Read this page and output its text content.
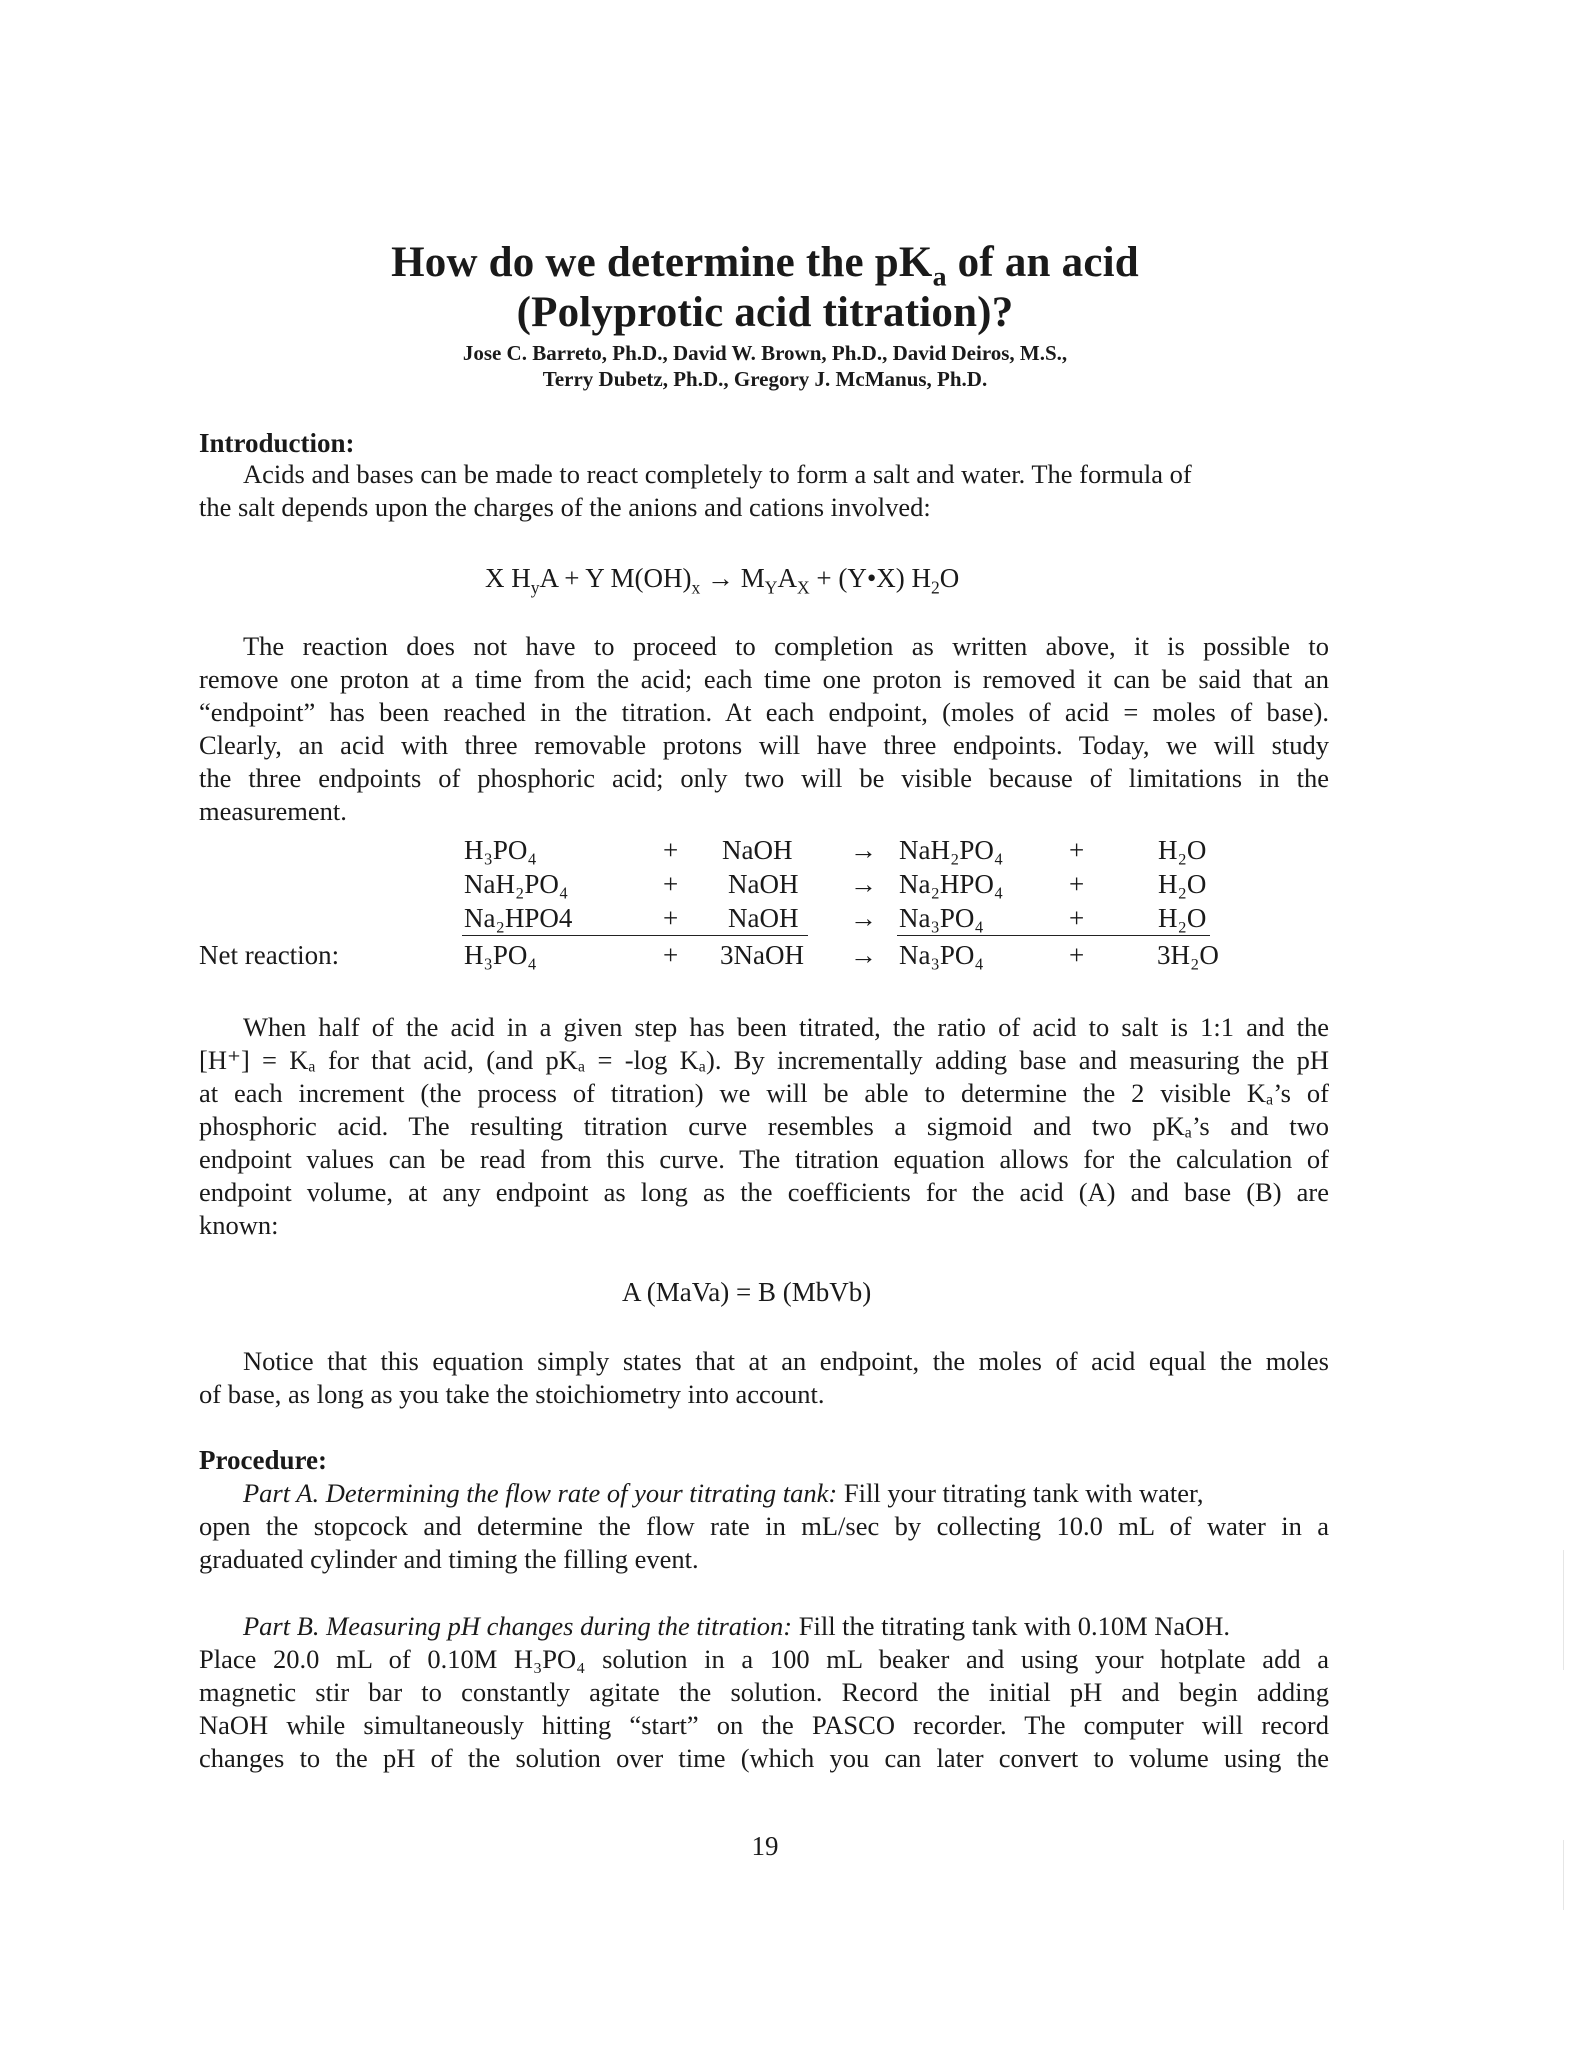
How do we determine the $pK_a$ of an acid
(Polyprotic acid titration)?
Jose C. Barreto, Ph.D., David W. Brown, Ph.D., David Deiros, M.S.,
Terry Dubetz, Ph.D., Gregory J. McManus, Ph.D.
Introduction:
Acids and bases can be made to react completely to form a salt and water. The formula of
the salt depends upon the charges of the anions and cations involved:
X $H_yA + Y$ $M(OH)_x \to M_YA_X$ + (Y•X) $H_2O$
The reaction does not have to proceed to completion as written above, it is possible to
remove one proton at a time from the acid; each time one proton is removed it can be said that an
“endpoint” has been reached in the titration. At each endpoint, (moles of acid = moles of base).
Clearly, an acid with three removable protons will have three endpoints. Today, we will study
the three endpoints of phosphoric acid; only two will be visible because of limitations in the
measurement.
H₃PO₄	+ NaOH → NaH₂PO₄ +	H₂O
NaH₂PO₄	+ NaOH → Na₂HPO₄ +	H₂O
Na₂HPO4	+ NaOH → Na₃PO₄	+	H₂O
Net reaction:	H₃PO₄	+ 3NaOH → Na₃PO₄	+	3H₂O
When half of the acid in a given step has been titrated, the ratio of acid to salt is 1:1 and the
[H⁺] = Kₐ for that acid, (and pKₐ = -log Kₐ). By incrementally adding base and measuring the pH
at each increment (the process of titration) we will be able to determine the 2 visible Kₐ’s of
phosphoric acid. The resulting titration curve resembles a sigmoid and two pKₐ’s and two
endpoint values can be read from this curve. The titration equation allows for the calculation of
endpoint volume, at any endpoint as long as the coefficients for the acid (A) and base (B) are
known:
A (MaVa) = B (MbVb)
Notice that this equation simply states that at an endpoint, the moles of acid equal the moles
of base, as long as you take the stoichiometry into account.
Procedure:
Part A. Determining the flow rate of your titrating tank: Fill your titrating tank with water,
open the stopcock and determine the flow rate in mL/sec by collecting 10.0 mL of water in a
graduated cylinder and timing the filling event.
Part B. Measuring pH changes during the titration: Fill the titrating tank with 0.10M NaOH.
Place 20.0 mL of 0.10M H₃PO₄ solution in a 100 mL beaker and using your hotplate add a
magnetic stir bar to constantly agitate the solution. Record the initial pH and begin adding
NaOH while simultaneously hitting “start” on the PASCO recorder. The computer will record
changes to the pH of the solution over time (which you can later convert to volume using the
19
